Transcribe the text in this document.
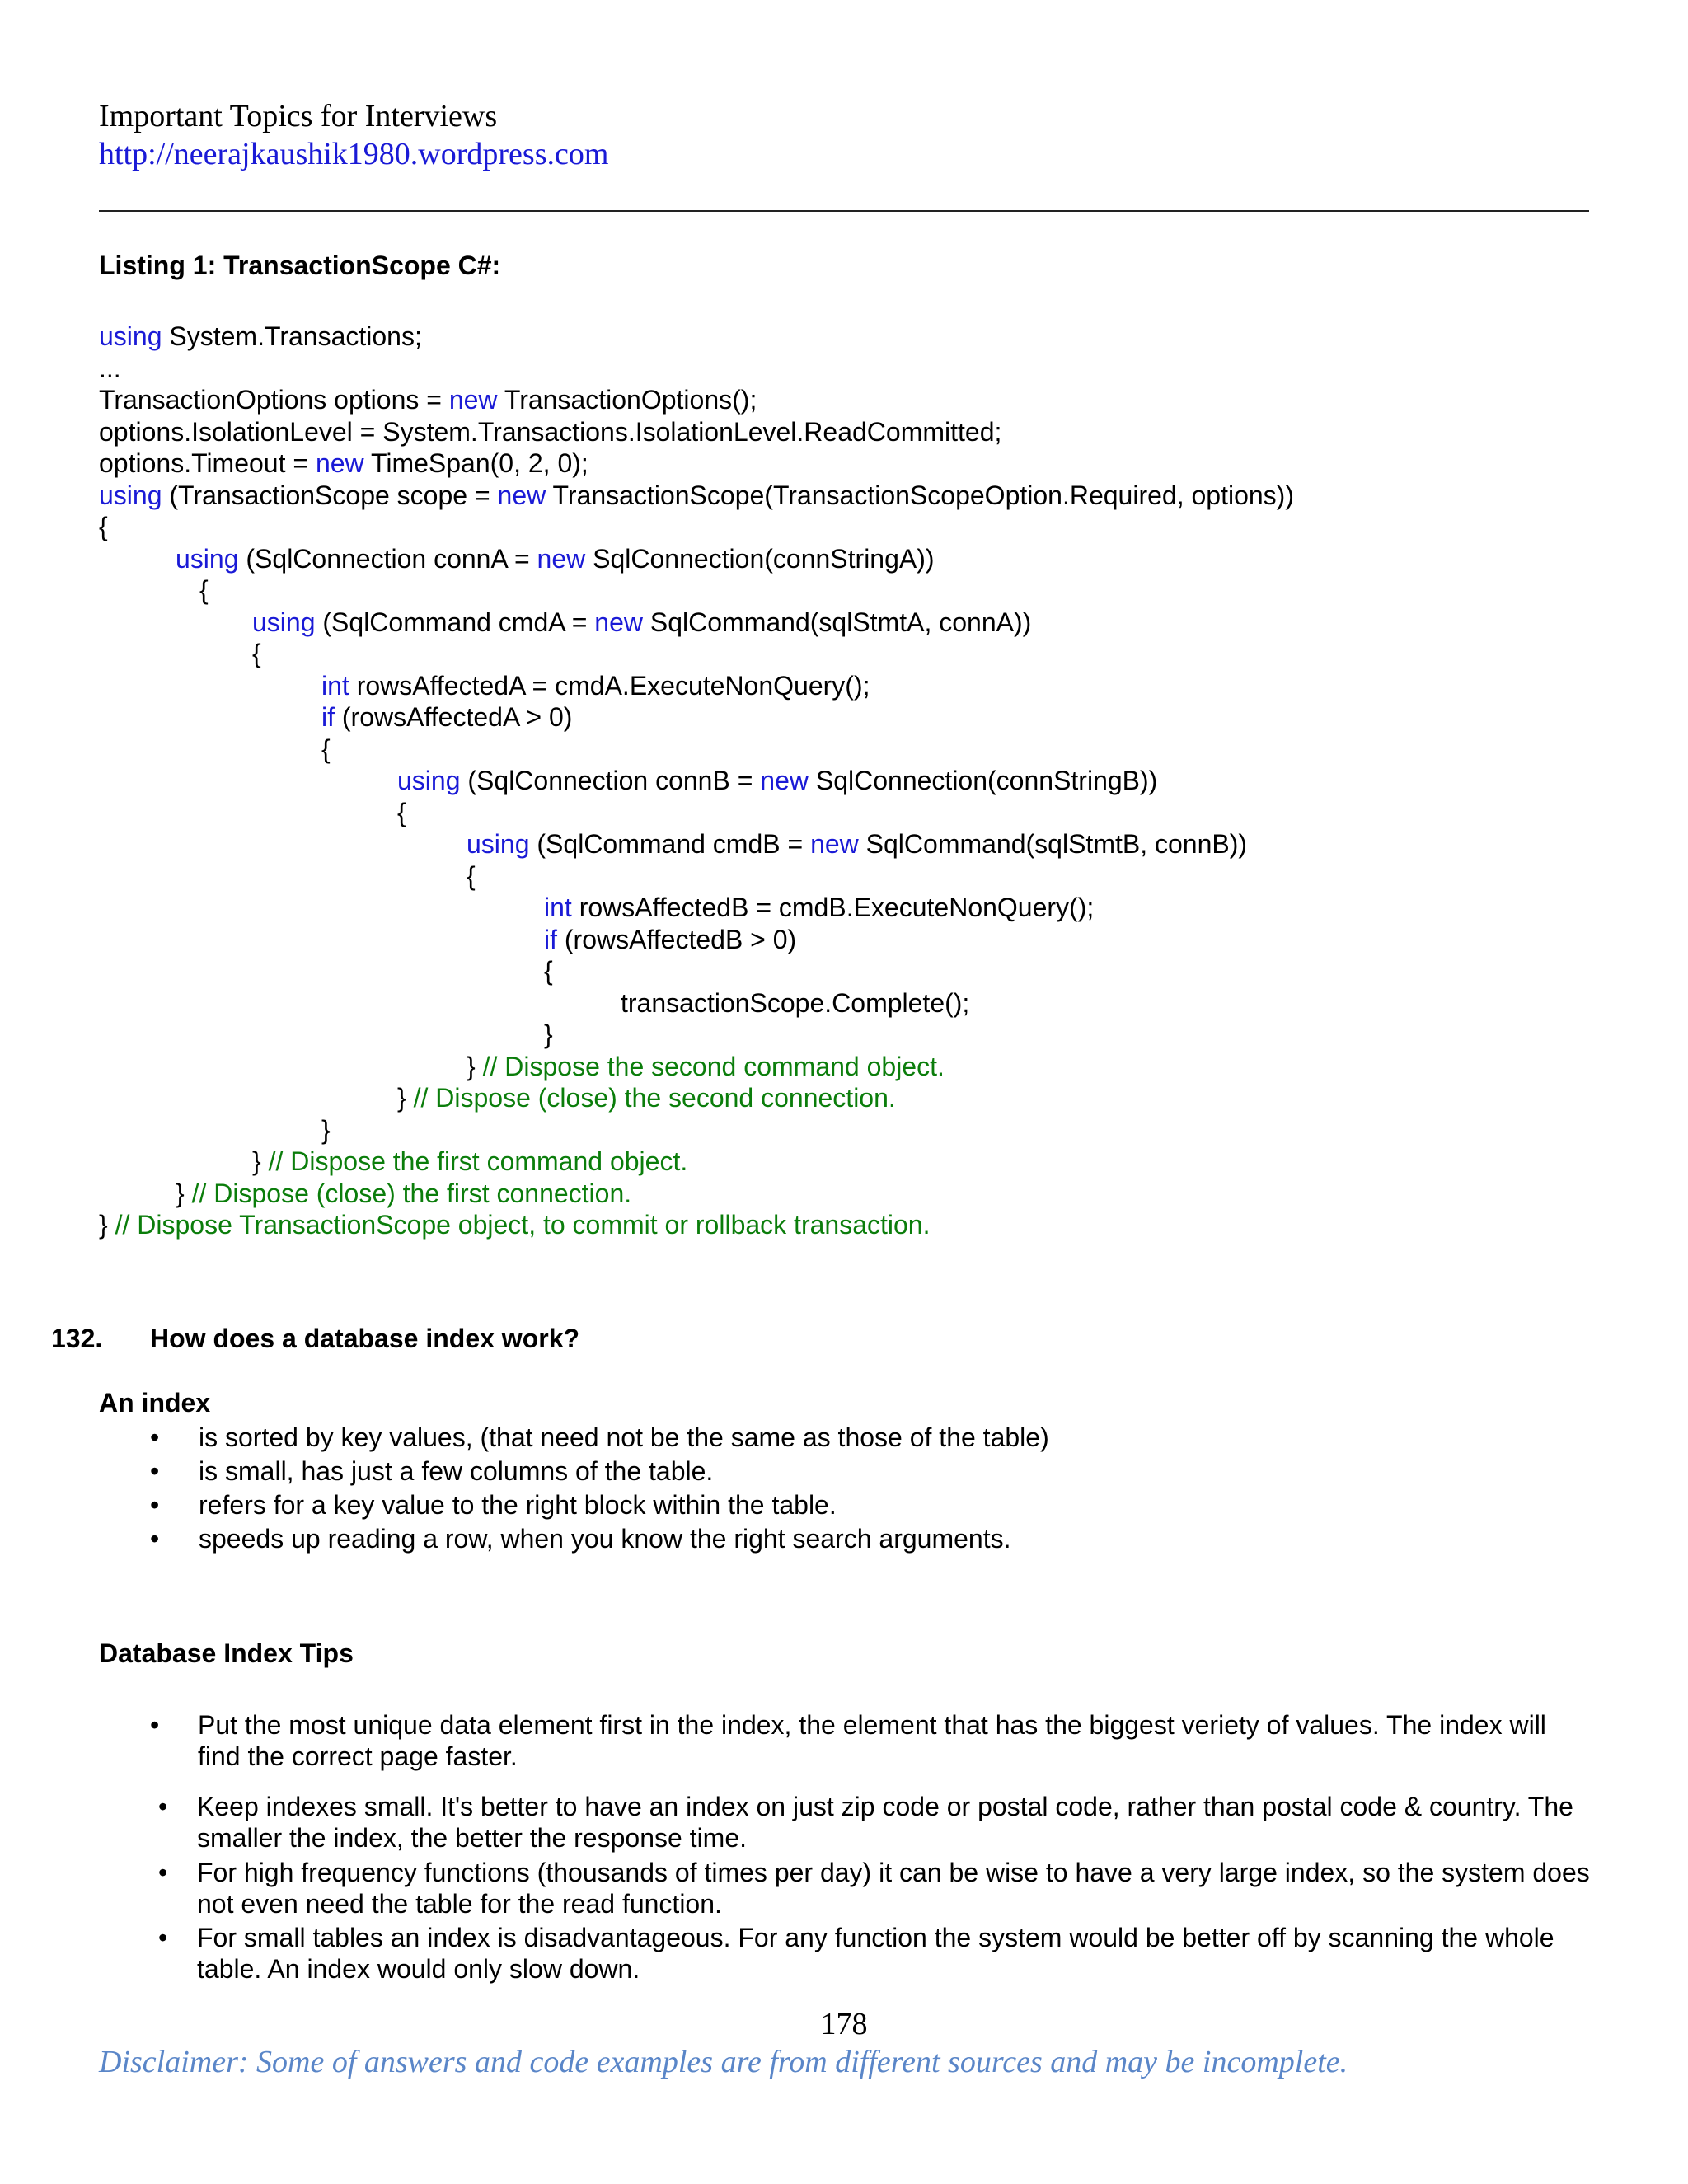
Important Topics for Interviews
http://neerajkaushik1980.wordpress.com
Listing 1: TransactionScope C#:
using System.Transactions;
...
TransactionOptions options = new TransactionOptions();
options.IsolationLevel = System.Transactions.IsolationLevel.ReadCommitted;
options.Timeout = new TimeSpan(0, 2, 0);
using (TransactionScope scope = new TransactionScope(TransactionScopeOption.Required, options))
{
using (SqlConnection connA = new SqlConnection(connStringA))
{
using (SqlCommand cmdA = new SqlCommand(sqlStmtA, connA))
{
int rowsAffectedA = cmdA.ExecuteNonQuery();
if (rowsAffectedA > 0)
{
using (SqlConnection connB = new SqlConnection(connStringB))
{
using (SqlCommand cmdB = new SqlCommand(sqlStmtB, connB))
{
int rowsAffectedB = cmdB.ExecuteNonQuery();
if (rowsAffectedB > 0)
{
transactionScope.Complete();
}
} // Dispose the second command object.
} // Dispose (close) the second connection.
}
} // Dispose the first command object.
} // Dispose (close) the first connection.
} // Dispose TransactionScope object, to commit or rollback transaction.
132. How does a database index work?
An index
• is sorted by key values, (that need not be the same as those of the table)
• is small, has just a few columns of the table.
• refers for a key value to the right block within the table.
• speeds up reading a row, when you know the right search arguments.
Database Index Tips
• Put the most unique data element first in the index, the element that has the biggest veriety of values. The index will find the correct page faster.
• Keep indexes small. It's better to have an index on just zip code or postal code, rather than postal code & country. The smaller the index, the better the response time.
• For high frequency functions (thousands of times per day) it can be wise to have a very large index, so the system does not even need the table for the read function.
• For small tables an index is disadvantageous. For any function the system would be better off by scanning the whole table. An index would only slow down.
178
Disclaimer: Some of answers and code examples are from different sources and may be incomplete.
